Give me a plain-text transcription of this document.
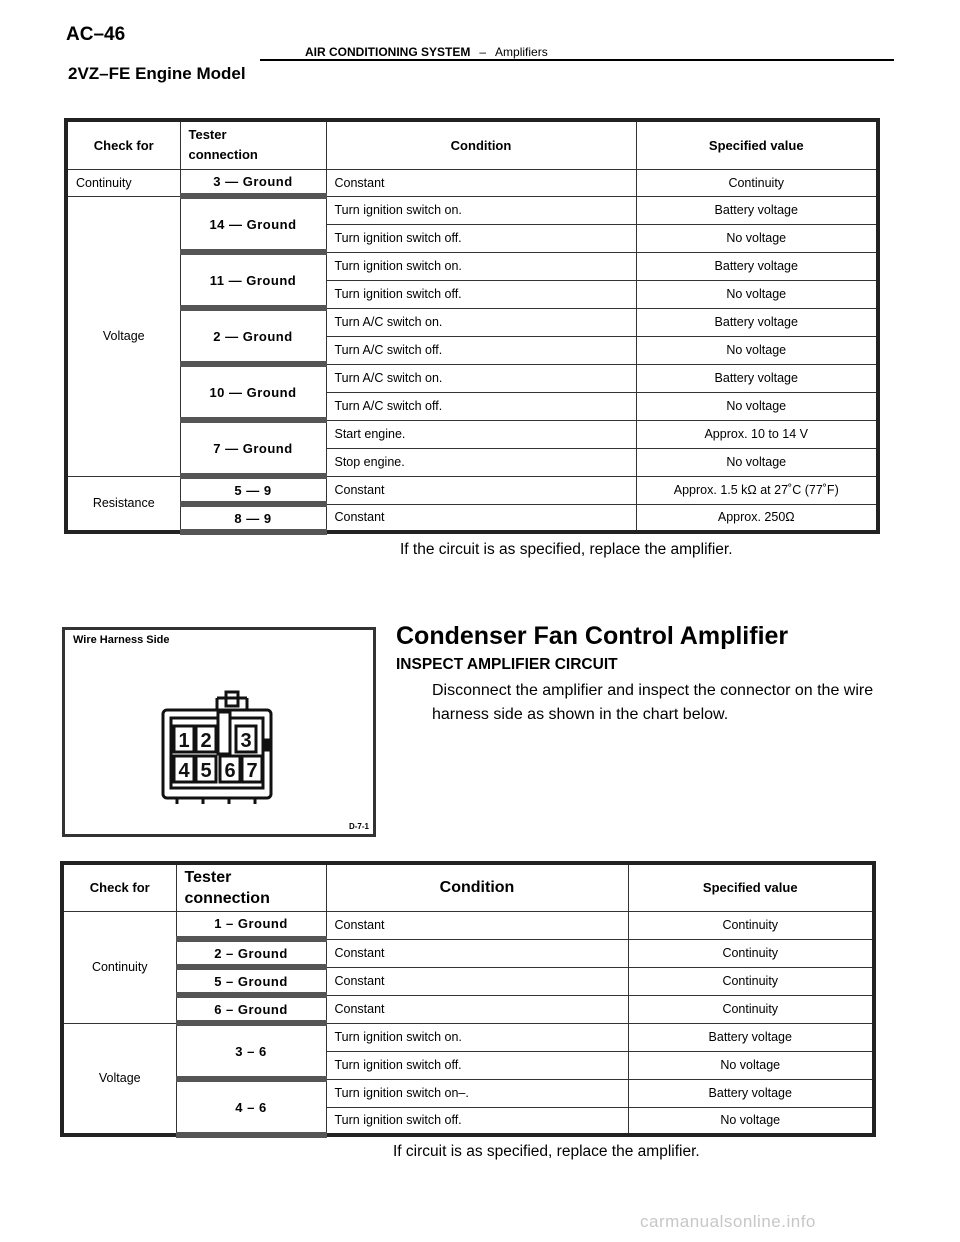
AC–46
AIR CONDITIONING SYSTEM – Amplifiers
2VZ–FE Engine Model
Check for	Tester
connection	Condition	Specified value
Continuity	3 — Ground	Constant	Continuity
Voltage	14 — Ground	Turn ignition switch on.	Battery voltage
		Turn ignition switch off.	No voltage
	11 — Ground	Turn ignition switch on.	Battery voltage
		Turn ignition switch off.	No voltage
	2 — Ground	Turn A/C switch on.	Battery voltage
		Turn A/C switch off.	No voltage
	10 — Ground	Turn A/C switch on.	Battery voltage
		Turn A/C switch off.	No voltage
	7 — Ground	Start engine.	Approx. 10 to 14 V
		Stop engine.	No voltage
Resistance	5 — 9	Constant	Approx. 1.5 kΩ at 27˚C (77˚F)
	8 — 9	Constant	Approx. 250Ω
If the circuit is as specified, replace the amplifier.
Wire Harness Side
1 2 3
4 5 6 7
D-7-1
Condenser Fan Control Amplifier
INSPECT AMPLIFIER CIRCUIT
Disconnect the amplifier and inspect the connector on the wire harness side as shown in the chart below.
Check for	Tester
connection	Condition	Specified value
Continuity	1 – Ground	Constant	Continuity
	2 – Ground	Constant	Continuity
	5 – Ground	Constant	Continuity
	6 – Ground	Constant	Continuity
Voltage	3 – 6	Turn ignition switch on.	Battery voltage
		Turn ignition switch off.	No voltage
	4 – 6	Turn ignition switch on–.	Battery voltage
		Turn ignition switch off.	No voltage
If circuit is as specified, replace the amplifier.
carmanualsonline.info
